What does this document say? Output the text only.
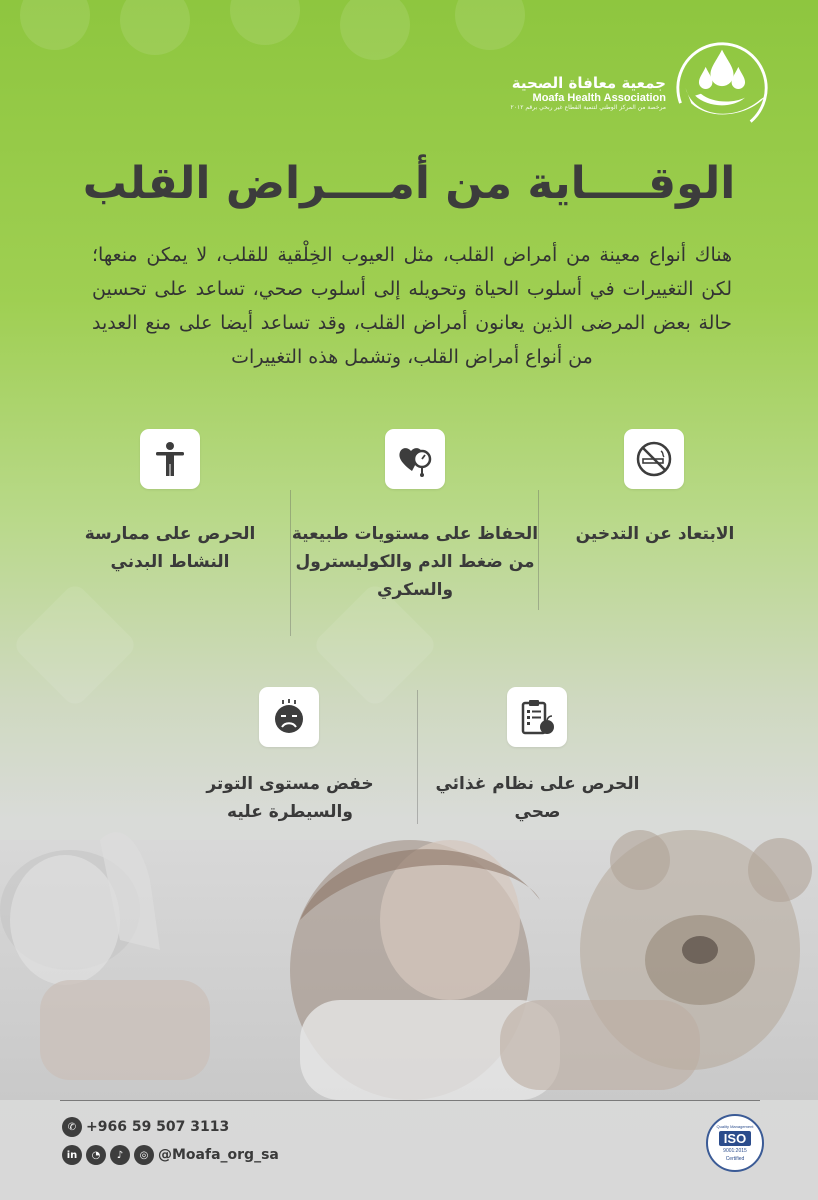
جمعية معافاة الصحية
Moafa Health Association
مرخصة من المركز الوطني لتنمية القطاع غير ربحي برقم ٢٠١٢
الوقــــاية من أمــــراض القلب
هناك أنواع معينة من أمراض القلب، مثل العيوب الخِلْقية للقلب، لا يمكن منعها؛ لكن التغييرات في أسلوب الحياة وتحويله إلى أسلوب صحي، تساعد على تحسين حالة بعض المرضى الذين يعانون أمراض القلب، وقد تساعد أيضا على منع العديد من أنواع أمراض القلب، وتشمل هذه التغييرات
الابتعاد عن التدخين
الحفاظ على مستويات طبيعية من ضغط الدم والكوليسترول والسكري
الحرص على ممارسة النشاط البدني
الحرص على نظام غذائي صحي
خفض مستوى التوتر والسيطرة عليه
✆ +966 59 507 3113
in	◔	♪	◎ @Moafa_org_sa
Quality Management
ISO
9001:2015
Certified
